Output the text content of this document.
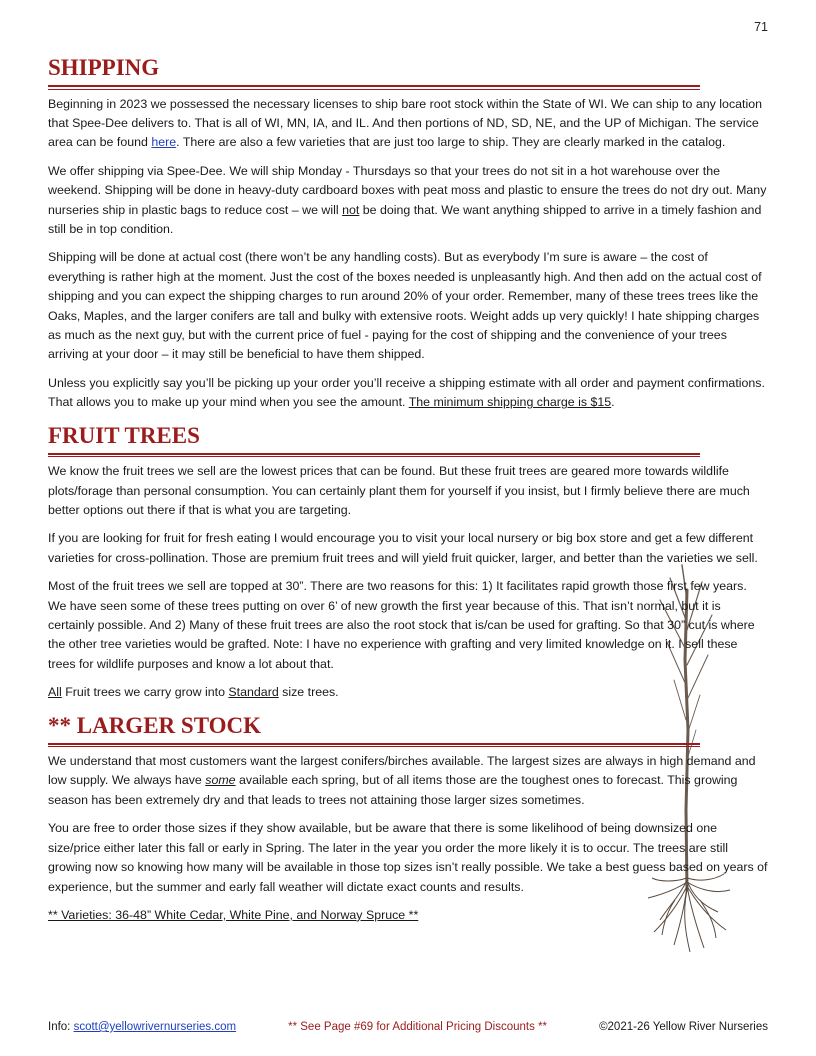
71
SHIPPING

Beginning in 2023 we possessed the necessary licenses to ship bare root stock within the State of WI. We can ship to any location that Spee-Dee delivers to. That is all of WI, MN, IA, and IL. And then portions of ND, SD, NE, and the UP of Michigan. The service area can be found here. There are also a few varieties that are just too large to ship. They are clearly marked in the catalog.

We offer shipping via Spee-Dee. We will ship Monday - Thursdays so that your trees do not sit in a hot warehouse over the weekend. Shipping will be done in heavy-duty cardboard boxes with peat moss and plastic to ensure the trees do not dry out. Many nurseries ship in plastic bags to reduce cost – we will not be doing that. We want anything shipped to arrive in a timely fashion and still be in top condition.

Shipping will be done at actual cost (there won’t be any handling costs). But as everybody I’m sure is aware – the cost of everything is rather high at the moment. Just the cost of the boxes needed is unpleasantly high. And then add on the actual cost of shipping and you can expect the shipping charges to run around 20% of your order. Remember, many of these trees trees like the Oaks, Maples, and the larger conifers are tall and bulky with extensive roots. Weight adds up very quickly! I hate shipping charges as much as the next guy, but with the current price of fuel - paying for the cost of shipping and the convenience of your trees arriving at your door – it may still be beneficial to have them shipped.

Unless you explicitly say you’ll be picking up your order you’ll receive a shipping estimate with all order and payment confirmations. That allows you to make up your mind when you see the amount. The minimum shipping charge is $15.

FRUIT TREES

We know the fruit trees we sell are the lowest prices that can be found. But these fruit trees are geared more towards wildlife plots/forage than personal consumption. You can certainly plant them for yourself if you insist, but I firmly believe there are much better options out there if that is what you are targeting.

If you are looking for fruit for fresh eating I would encourage you to visit your local nursery or big box store and get a few different varieties for cross-pollination. Those are premium fruit trees and will yield fruit quicker, larger, and better than the varieties we sell.

Most of the fruit trees we sell are topped at 30”. There are two reasons for this: 1) It facilitates rapid growth those first few years. We have seen some of these trees putting on over 6’ of new growth the first year because of this. That isn’t normal, but it is certainly possible. And 2) Many of these fruit trees are also the root stock that is/can be used for grafting. So that 30” cut is where the other tree varieties would be grafted. Note: I have no experience with grafting and very limited knowledge on it. I sell these trees for wildlife purposes and know a lot about that.

All Fruit trees we carry grow into Standard size trees.

** LARGER STOCK

We understand that most customers want the largest conifers/birches available. The largest sizes are always in high demand and low supply. We always have some available each spring, but of all items those are the toughest ones to forecast. This growing season has been extremely dry and that leads to trees not attaining those larger sizes sometimes.

You are free to order those sizes if they show available, but be aware that there is some likelihood of being downsized one size/price either later this fall or early in Spring. The later in the year you order the more likely it is to occur. The trees are still growing now so knowing how many will be available in those top sizes isn’t really possible. We take a best guess based on years of experience, but the summer and early fall weather will dictate exact counts and results.

** Varieties: 36-48” White Cedar, White Pine, and Norway Spruce **

Info: scott@yellowrivernurseries.com	** See Page #69 for Additional Pricing Discounts **	©2021-26 Yellow River Nurseries
